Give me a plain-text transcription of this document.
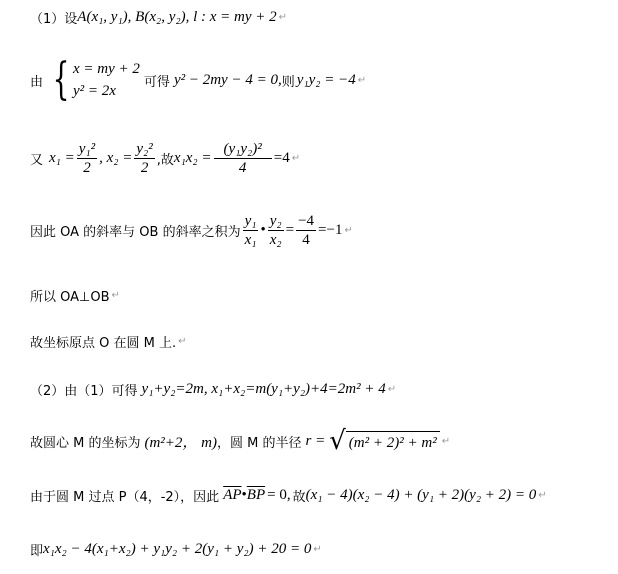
（1）设 A(x₁, y₁), B(x₂, y₂), l : x = my + 2 ↵
由 { x = my + 2
y² = 2x
可得 y² − 2my − 4 = 0, 则 y₁y₂ = −4 ↵
又 $x_1 = \frac{\text{y₁²}}{2}$ , $x_2 = \frac{\text{y₂²}}{2}$ ,故 $x_1x_2 = \frac{\text{(y₁y₂)²}}{4} =4$ ↵
因此 OA 的斜率与 OB 的斜率之积为 $\frac{\text{y₁}}{\text{x₁}}$ • $\frac{\text{y₂}}{\text{x₂}} = \frac{-4}{4} =-1$ ↵
所以 OA⊥OB ↵
故坐标原点 O 在圆 M 上. ↵
（2）由（1）可得 y₁+y₂=2m, x₁+x₂=m(y₁+y₂)+4=2m² + 4 ↵
故圆心 M 的坐标为 (m²+2， m) ，圆 M 的半径 r = √ (m² + 2)² + m² ↵
由于圆 M 过点 P（4，-2），因此 $\overline{AP}$ • $\overline{BP} = 0$, 故 (x₁ − 4)(x₂ − 4) + (y₁ + 2)(y₂ + 2) = 0 ↵
即 x₁x₂ − 4(x₁+x₂) + y₁y₂ + 2(y₁ + y₂) + 20 = 0 ↵
